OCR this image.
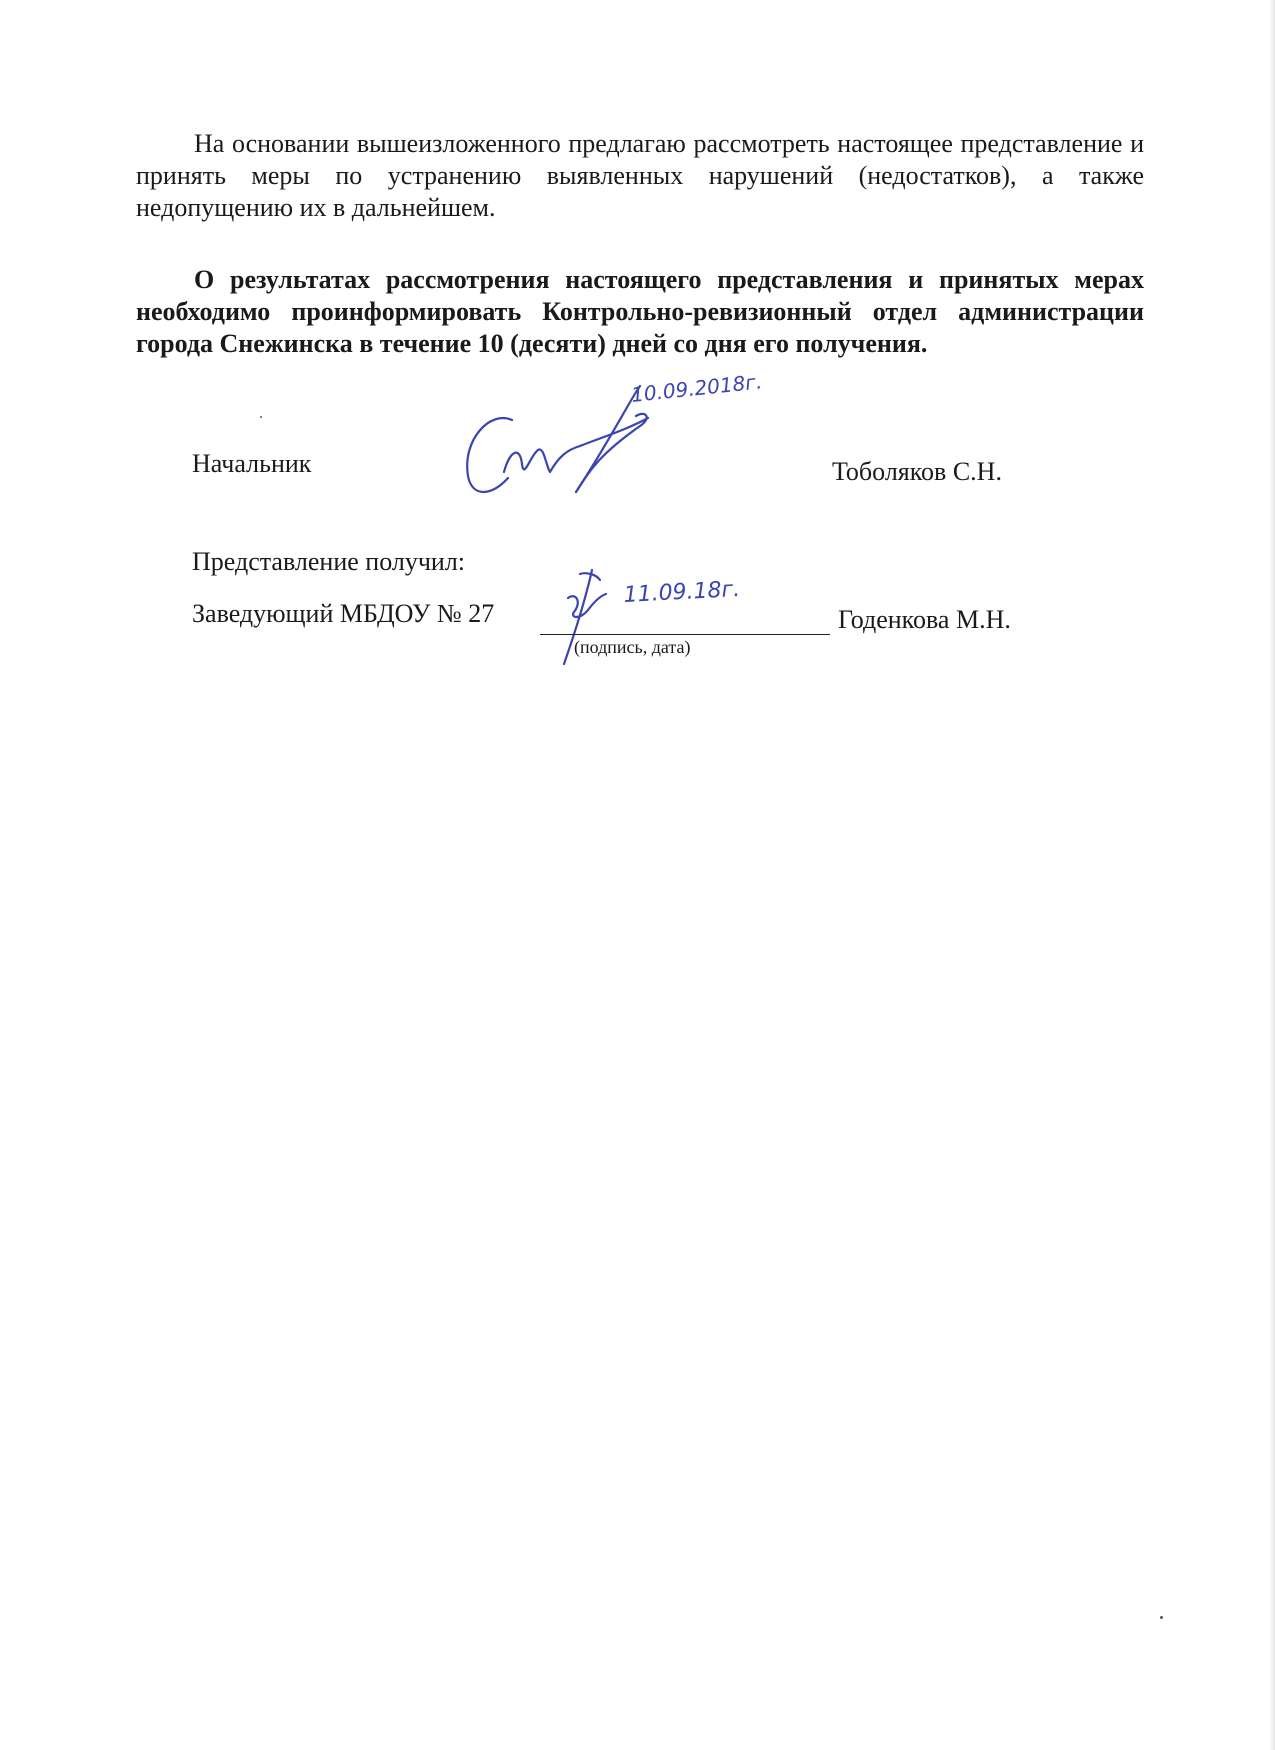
На основании вышеизложенного предлагаю рассмотреть настоящее представление и принять меры по устранению выявленных нарушений (недостатков), а также недопущению их в дальнейшем.

О результатах рассмотрения настоящего представления и принятых мерах необходимо проинформировать Контрольно-ревизионный отдел администрации города Снежинска в течение 10 (десяти) дней со дня его получения.

Начальник
10.09.2018г.
Тоболяков С.Н.
Представление получил:
Заведующий МБДОУ № 27
11.09.18г.
(подпись, дата)
Годенкова М.Н.
